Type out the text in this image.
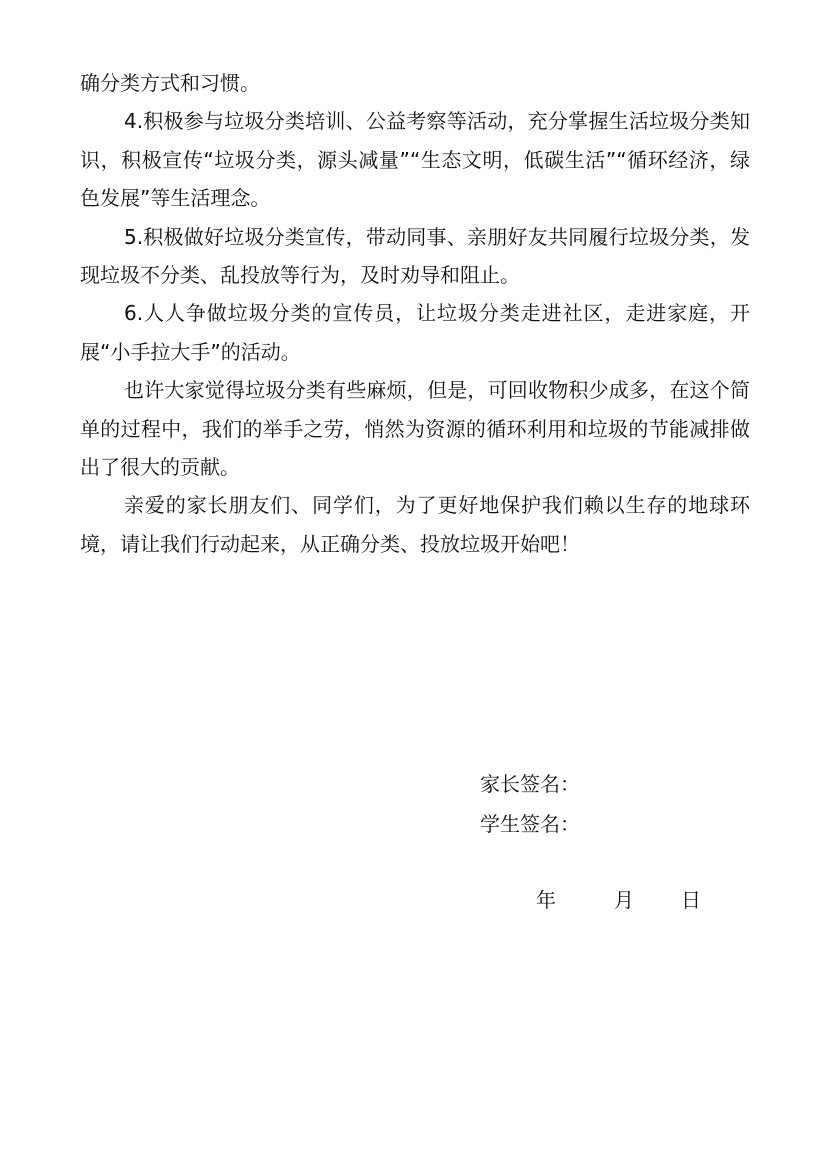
确分类方式和习惯。

4.积极参与垃圾分类培训、公益考察等活动，充分掌握生活垃圾分类知识，积极宣传“垃圾分类，源头减量”“生态文明，低碳生活”“循环经济，绿色发展”等生活理念。

5.积极做好垃圾分类宣传，带动同事、亲朋好友共同履行垃圾分类，发现垃圾不分类、乱投放等行为，及时劝导和阻止。

6.人人争做垃圾分类的宣传员，让垃圾分类走进社区，走进家庭，开展“小手拉大手”的活动。

也许大家觉得垃圾分类有些麻烦，但是，可回收物积少成多，在这个简单的过程中，我们的举手之劳，悄然为资源的循环利用和垃圾的节能减排做出了很大的贡献。

亲爱的家长朋友们、同学们，为了更好地保护我们赖以生存的地球环境，请让我们行动起来，从正确分类、投放垃圾开始吧！

家长签名：

学生签名：

年	月 日
